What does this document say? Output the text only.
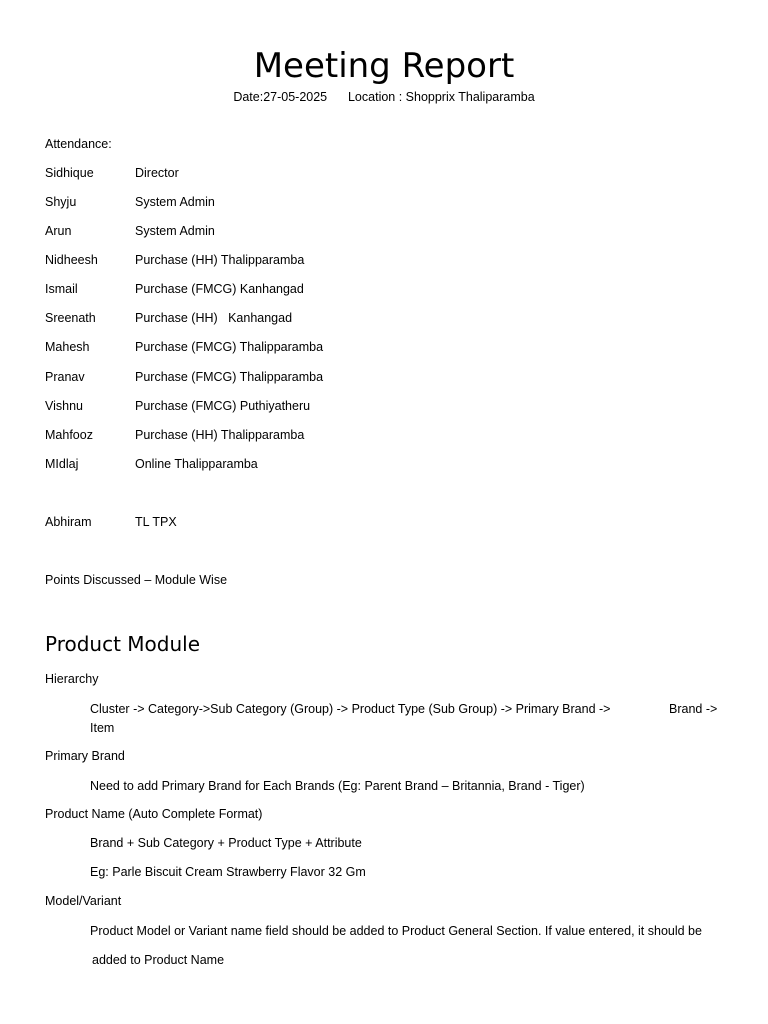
Meeting Report
Date:27-05-2025 Location : Shopprix Thaliparamba
Attendance:
Sidhique	Director
Shyju	System Admin
Arun	System Admin
Nidheesh	Purchase (HH) Thalipparamba
Ismail	Purchase (FMCG) Kanhangad
Sreenath	Purchase (HH)   Kanhangad
Mahesh	Purchase (FMCG) Thalipparamba
Pranav	Purchase (FMCG) Thalipparamba
Vishnu	Purchase (FMCG) Puthiyatheru
Mahfooz	Purchase (HH) Thalipparamba
MIdlaj	Online Thalipparamba
Abhiram	TL TPX
Points Discussed – Module Wise
Product Module
Hierarchy
Cluster -> Category->Sub Category (Group) -> Product Type (Sub Group) -> Primary Brand ->	Brand ->
Item
Primary Brand
Need to add Primary Brand for Each Brands (Eg: Parent Brand – Britannia, Brand - Tiger)
Product Name (Auto Complete Format)
Brand + Sub Category + Product Type + Attribute
Eg: Parle Biscuit Cream Strawberry Flavor 32 Gm
Model/Variant
Product Model or Variant name field should be added to Product General Section. If value entered, it should be
added to Product Name
